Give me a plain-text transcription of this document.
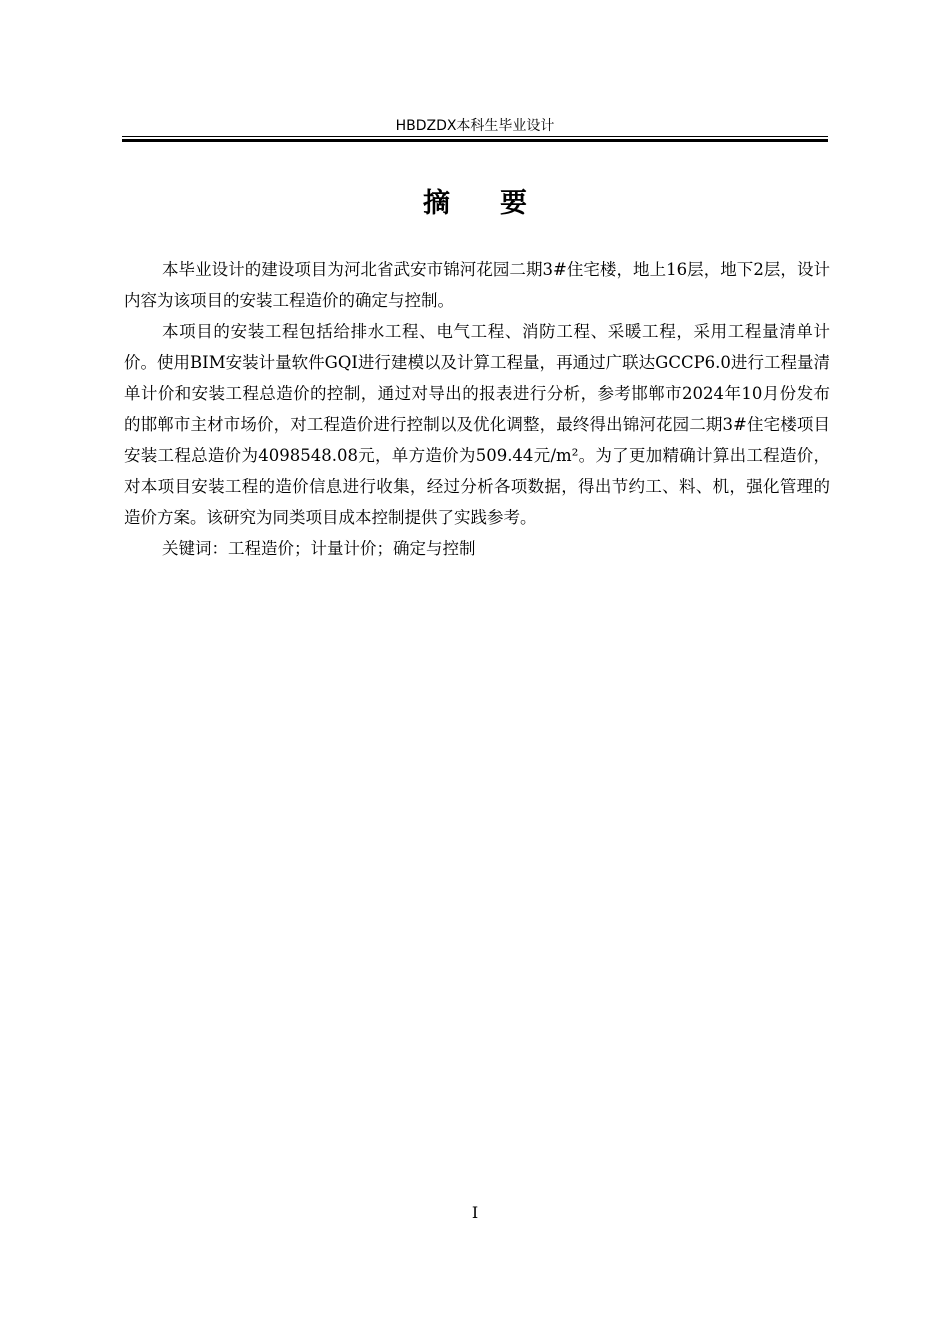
HBDZDX本科生毕业设计
摘要

本毕业设计的建设项目为河北省武安市锦河花园二期3#住宅楼，地上16层，地下2层，设计内容为该项目的安装工程造价的确定与控制。

本项目的安装工程包括给排水工程、电气工程、消防工程、采暖工程，采用工程量清单计价。使用BIM安装计量软件GQI进行建模以及计算工程量，再通过广联达GCCP6.0进行工程量清单计价和安装工程总造价的控制，通过对导出的报表进行分析，参考邯郸市2024年10月份发布的邯郸市主材市场价，对工程造价进行控制以及优化调整，最终得出锦河花园二期3#住宅楼项目安装工程总造价为4098548.08元，单方造价为509.44元/m²。为了更加精确计算出工程造价，对本项目安装工程的造价信息进行收集，经过分析各项数据，得出节约工、料、机，强化管理的造价方案。该研究为同类项目成本控制提供了实践参考。

关键词：工程造价；计量计价；确定与控制

I
